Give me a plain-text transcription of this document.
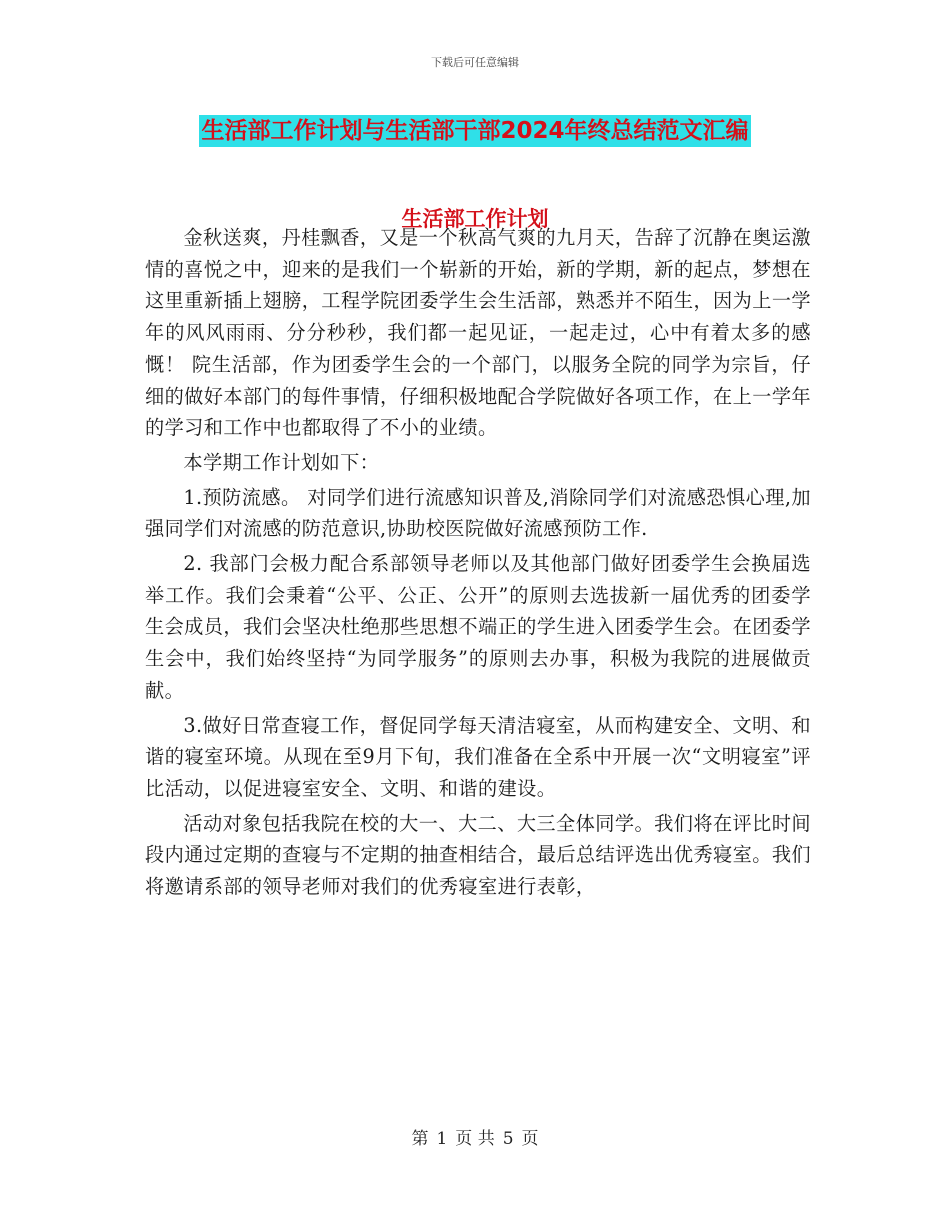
下载后可任意编辑
生活部工作计划与生活部干部2024年终总结范文汇编
生活部工作计划

金秋送爽，丹桂飘香，又是一个秋高气爽的九月天，告辞了沉静在奥运激情的喜悦之中，迎来的是我们一个崭新的开始，新的学期，新的起点，梦想在这里重新插上翅膀，工程学院团委学生会生活部，熟悉并不陌生，因为上一学年的风风雨雨、分分秒秒，我们都一起见证，一起走过，心中有着太多的感慨！ 院生活部，作为团委学生会的一个部门，以服务全院的同学为宗旨，仔细的做好本部门的每件事情，仔细积极地配合学院做好各项工作，在上一学年的学习和工作中也都取得了不小的业绩。

本学期工作计划如下：

1.预防流感。 对同学们进行流感知识普及,消除同学们对流感恐惧心理,加强同学们对流感的防范意识,协助校医院做好流感预防工作.

2. 我部门会极力配合系部领导老师以及其他部门做好团委学生会换届选举工作。我们会秉着“公平、公正、公开”的原则去选拔新一届优秀的团委学生会成员，我们会坚决杜绝那些思想不端正的学生进入团委学生会。在团委学生会中，我们始终坚持“为同学服务”的原则去办事，积极为我院的进展做贡献。

3.做好日常查寝工作，督促同学每天清洁寝室，从而构建安全、文明、和谐的寝室环境。从现在至9月下旬，我们准备在全系中开展一次“文明寝室”评比活动，以促进寝室安全、文明、和谐的建设。

活动对象包括我院在校的大一、大二、大三全体同学。我们将在评比时间段内通过定期的查寝与不定期的抽查相结合，最后总结评选出优秀寝室。我们将邀请系部的领导老师对我们的优秀寝室进行表彰，

第 1 页 共 5 页
